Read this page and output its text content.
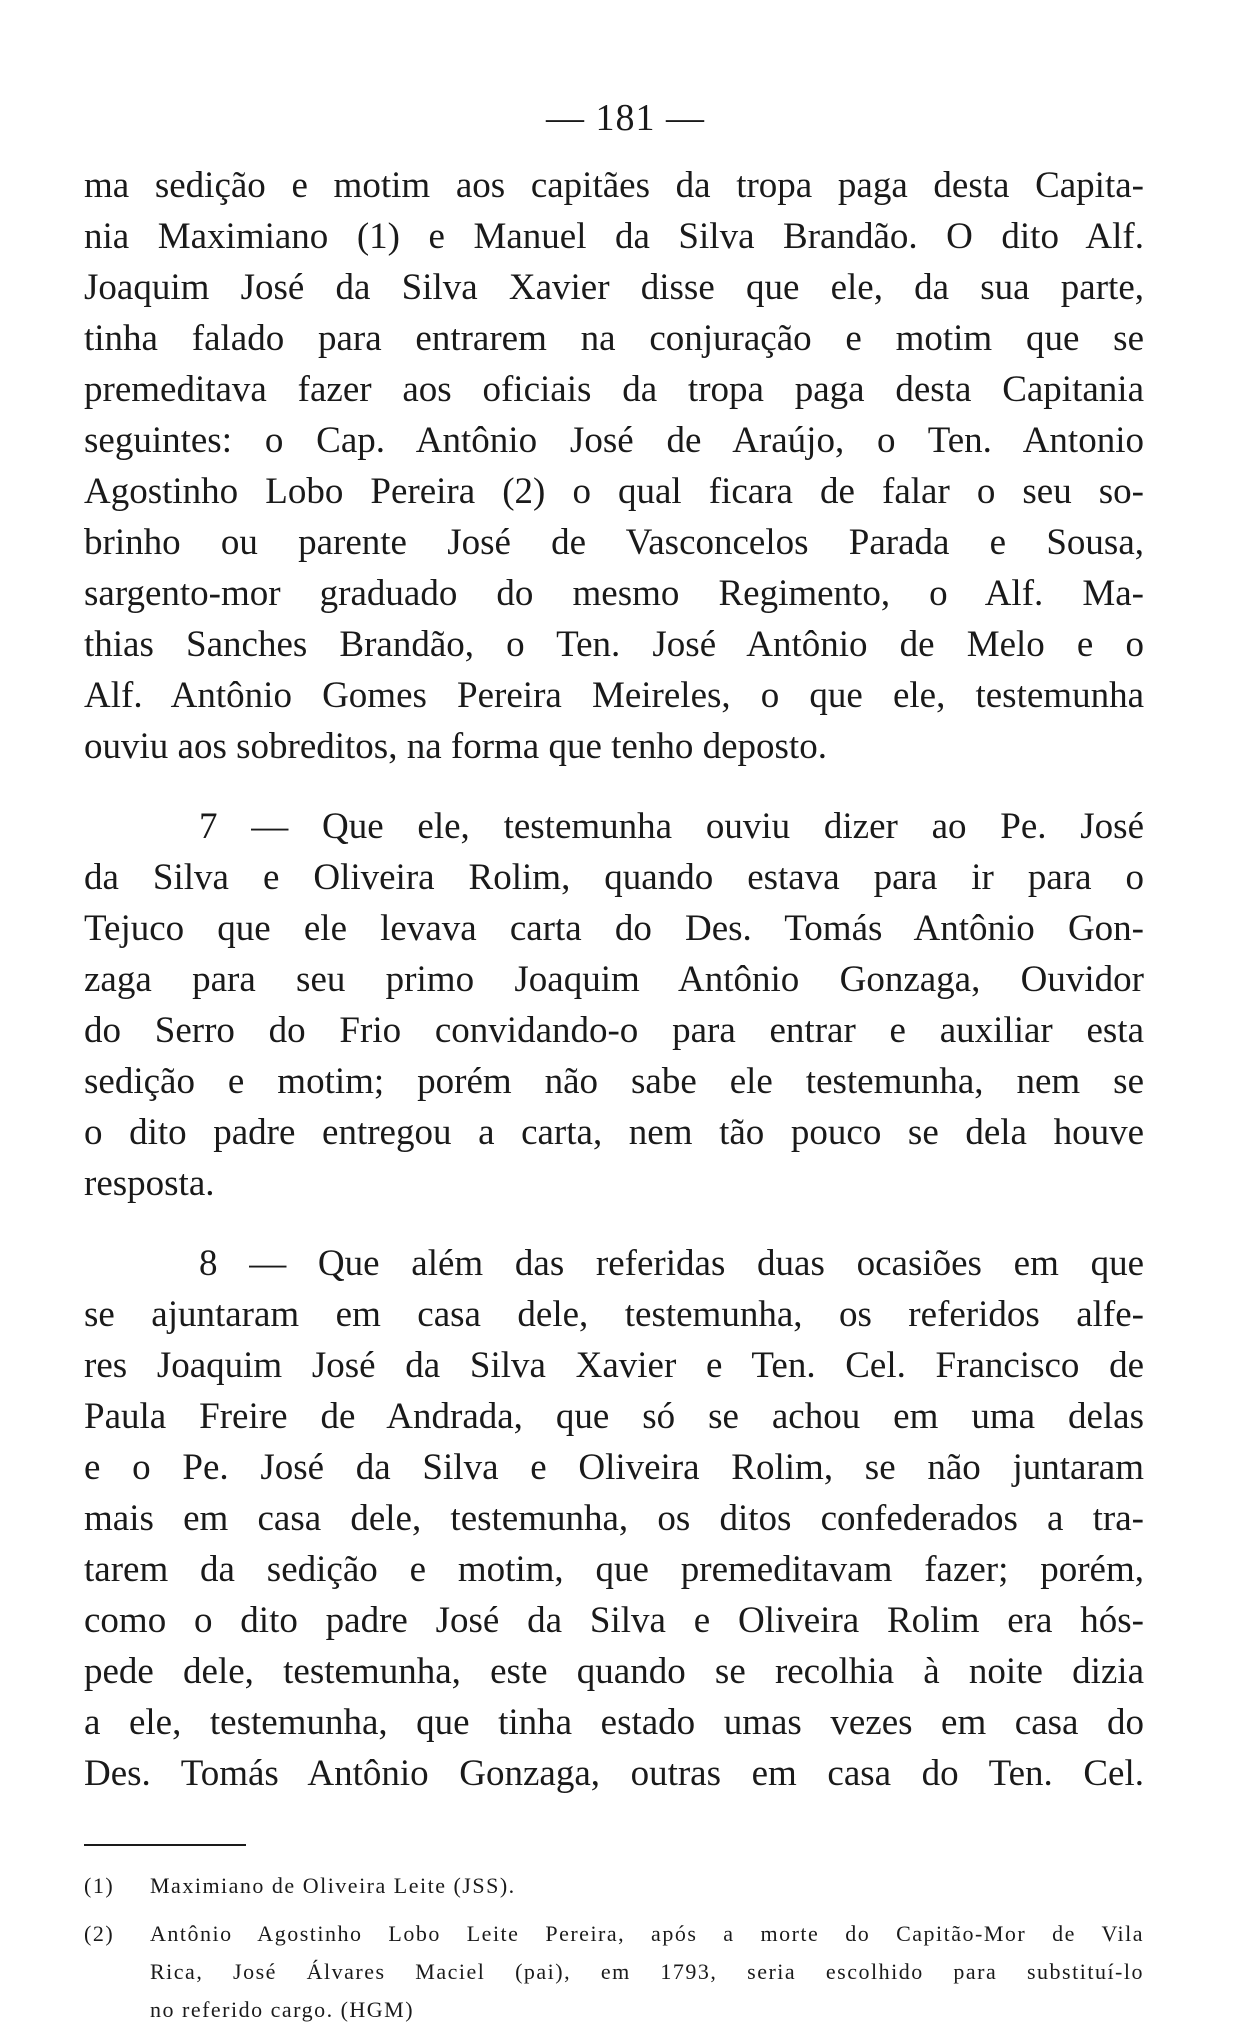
— 181 —
ma sedição e motim aos capitães da tropa paga desta Capita-
nia Maximiano (1) e Manuel da Silva Brandão. O dito Alf.
Joaquim José da Silva Xavier disse que ele, da sua parte,
tinha falado para entrarem na conjuração e motim que se
premeditava fazer aos oficiais da tropa paga desta Capitania
seguintes: o Cap. Antônio José de Araújo, o Ten. Antonio
Agostinho Lobo Pereira (2) o qual ficara de falar o seu so-
brinho ou parente José de Vasconcelos Parada e Sousa,
sargento-mor graduado do mesmo Regimento, o Alf. Ma-
thias Sanches Brandão, o Ten. José Antônio de Melo e o
Alf. Antônio Gomes Pereira Meireles, o que ele, testemunha
ouviu aos sobreditos, na forma que tenho deposto.
7 — Que ele, testemunha ouviu dizer ao Pe. José
da Silva e Oliveira Rolim, quando estava para ir para o
Tejuco que ele levava carta do Des. Tomás Antônio Gon-
zaga para seu primo Joaquim Antônio Gonzaga, Ouvidor
do Serro do Frio convidando-o para entrar e auxiliar esta
sedição e motim; porém não sabe ele testemunha, nem se
o dito padre entregou a carta, nem tão pouco se dela houve
resposta.
8 — Que além das referidas duas ocasiões em que
se ajuntaram em casa dele, testemunha, os referidos alfe-
res Joaquim José da Silva Xavier e Ten. Cel. Francisco de
Paula Freire de Andrada, que só se achou em uma delas
e o Pe. José da Silva e Oliveira Rolim, se não juntaram
mais em casa dele, testemunha, os ditos confederados a tra-
tarem da sedição e motim, que premeditavam fazer; porém,
como o dito padre José da Silva e Oliveira Rolim era hós-
pede dele, testemunha, este quando se recolhia à noite dizia
a ele, testemunha, que tinha estado umas vezes em casa do
Des. Tomás Antônio Gonzaga, outras em casa do Ten. Cel.
(1) Maximiano de Oliveira Leite (JSS).
(2) Antônio Agostinho Lobo Leite Pereira, após a morte do Capitão-Mor de Vila
Rica, José Álvares Maciel (pai), em 1793, seria escolhido para substituí-lo
no referido cargo. (HGM)
